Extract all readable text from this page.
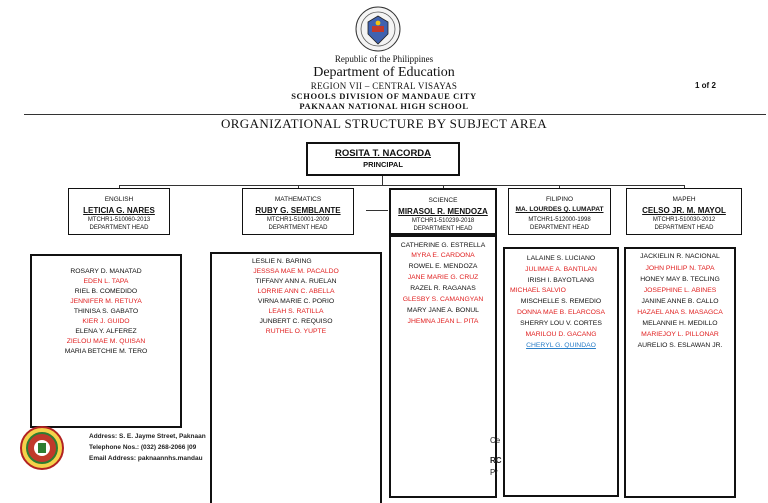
Republic of the Philippines
Department of Education
REGION VII – CENTRAL VISAYAS
SCHOOLS DIVISION OF MANDAUE CITY
PAKNAAN NATIONAL HIGH SCHOOL
1 of 2
ORGANIZATIONAL STRUCTURE BY SUBJECT AREA
ROSITA T. NACORDA
PRINCIPAL
ENGLISH
LETICIA G. NARES
MTCHR1-510060-2013
DEPARTMENT HEAD
MATHEMATICS
RUBY G. SEMBLANTE
MTCHR1-510001-2009
DEPARTMENT HEAD
SCIENCE
MIRASOL R. MENDOZA
MTCHR1-510239-2018
DEPARTMENT HEAD
FILIPINO
MA. LOURDES Q. LUMAPAT
MTCHR1-512000-1998
DEPARTMENT HEAD
MAPEH
CELSO JR. M. MAYOL
MTCHR1-510030-2012
DEPARTMENT HEAD
ROSARY D. MANATAD
EDEN L. TAPA
RIEL B. COMEDIDO
JENNIFER M. RETUYA
THINISA S. GABATO
KIER J. GUIDO
ELENA Y. ALFEREZ
ZIELOU MAE M. QUISAN
MARIA BETCHIE M. TERO
LESLIE N. BARING
JESSSA MAE M. PACALDO
TIFFANY ANN A. RUELAN
LORRIE ANN C. ABELLA
VIRNA MARIE C. PORIO
LEAH S. RATILLA
JUNBERT C. REQUISO
RUTHEL O. YUPTE
CATHERINE G. ESTRELLA
MYRA E. CARDONA
ROWEL E. MENDOZA
JANE MARIE G. CRUZ
RAZEL R. RAGANAS
GLESBY S. CAMANGYAN
MARY JANE A. BONUL
JHEMNA JEAN L. PITA
LALAINE S. LUCIANO
JULIMAE A. BANTILAN
IRISH I. BAYOTLANG
MICHAEL SALVIO
MISCHELLE S. REMEDIO
DONNA MAE B. ELARCOSA
SHERRY LOU V. CORTES
MARILOU D. GACANG
CHERYL G. QUINDAO
JACKIELIN R. NACIONAL
JOHN PHILIP N. TAPA
HONEY MAY B. TECLING
JOSEPHINE L. ABINES
JANINE ANNE B. CALLO
HAZAEL ANA S. MASAGCA
MELANNIE H. MEDILLO
MARIEJOY L. PILLONAR
AURELIO S. ESLAWAN JR.
Address: S. E. Jayme Street, Paknaan
Telephone Nos.: (032) 268-2066 |09
Email Address: paknaannhs.mandau
Ce
RC
Pr
